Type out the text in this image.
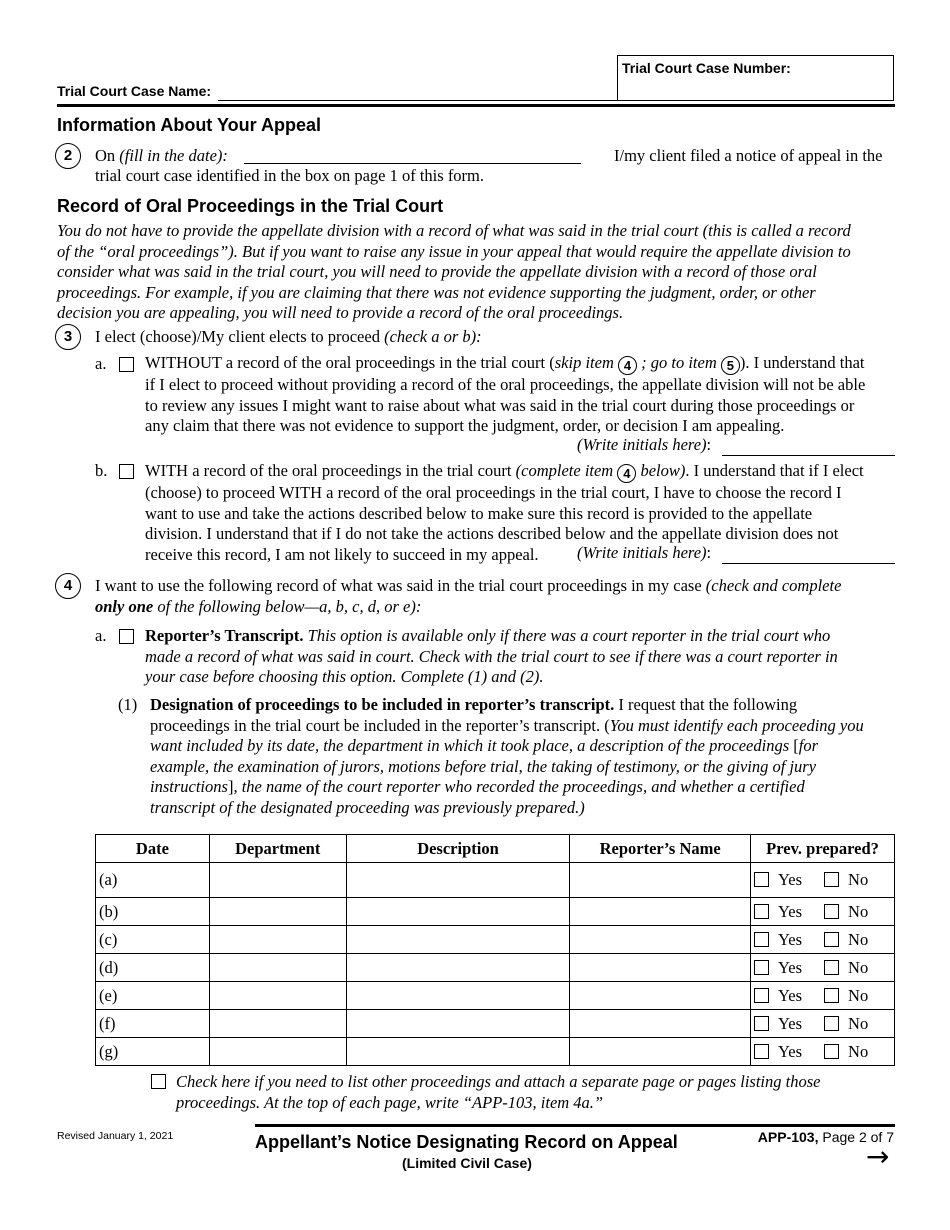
Trial Court Case Name:
Trial Court Case Number:
Information About Your Appeal
2	On (fill in the date):	I/my client filed a notice of appeal in the
trial court case identified in the box on page 1 of this form.
Record of Oral Proceedings in the Trial Court
You do not have to provide the appellate division with a record of what was said in the trial court (this is called a record
of the “oral proceedings”). But if you want to raise any issue in your appeal that would require the appellate division to
consider what was said in the trial court, you will need to provide the appellate division with a record of those oral
proceedings. For example, if you are claiming that there was not evidence supporting the judgment, order, or other
decision you are appealing, you will need to provide a record of the oral proceedings.
3	I elect (choose)/My client elects to proceed (check a or b):
a. WITHOUT a record of the oral proceedings in the trial court (skip item 4 ; go to item 5 ). I understand that
if I elect to proceed without providing a record of the oral proceedings, the appellate division will not be able
to review any issues I might want to raise about what was said in the trial court during those proceedings or
any claim that there was not evidence to support the judgment, order, or decision I am appealing.
(Write initials here):
b. WITH a record of the oral proceedings in the trial court (complete item 4 below). I understand that if I elect
(choose) to proceed WITH a record of the oral proceedings in the trial court, I have to choose the record I
want to use and take the actions described below to make sure this record is provided to the appellate
division. I understand that if I do not take the actions described below and the appellate division does not
receive this record, I am not likely to succeed in my appeal.	(Write initials here):
4	I want to use the following record of what was said in the trial court proceedings in my case (check and complete
only one of the following below—a, b, c, d, or e):
a. Reporter’s Transcript. This option is available only if there was a court reporter in the trial court who
made a record of what was said in court. Check with the trial court to see if there was a court reporter in
your case before choosing this option. Complete (1) and (2).
(1) Designation of proceedings to be included in reporter’s transcript. I request that the following
proceedings in the trial court be included in the reporter’s transcript. (You must identify each proceeding you
want included by its date, the department in which it took place, a description of the proceedings [for
example, the examination of jurors, motions before trial, the taking of testimony, or the giving of jury
instructions], the name of the court reporter who recorded the proceedings, and whether a certified
transcript of the designated proceeding was previously prepared.)
Date	Department	Description	Reporter’s Name	Prev. prepared?
(a)				Yes No
(b)				Yes No
(c)				Yes No
(d)				Yes No
(e)				Yes No
(f)				Yes No
(g)				Yes No
Check here if you need to list other proceedings and attach a separate page or pages listing those
proceedings. At the top of each page, write “APP-103, item 4a.”
Revised January 1, 2021	Appellant’s Notice Designating Record on Appeal
(Limited Civil Case)
APP-103, Page 2 of 7
→
